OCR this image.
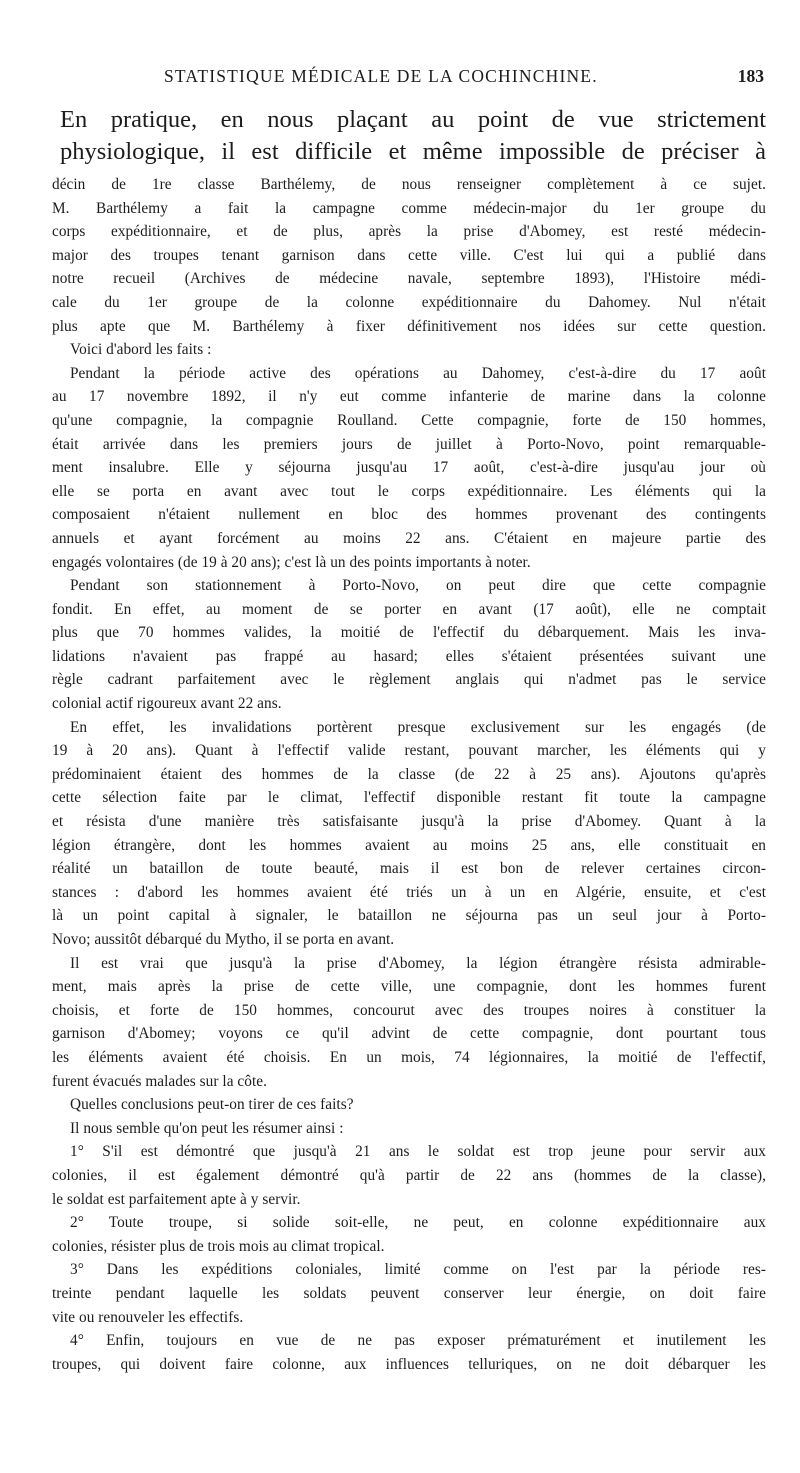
STATISTIQUE MÉDICALE DE LA COCHINCHINE.	183
En pratique, en nous plaçant au point de vue strictement
physiologique, il est difficile et même impossible de préciser à
décin de 1re classe Barthélemy, de nous renseigner complètement à ce sujet.
M. Barthélemy a fait la campagne comme médecin-major du 1er groupe du
corps expéditionnaire, et de plus, après la prise d'Abomey, est resté médecin-
major des troupes tenant garnison dans cette ville. C'est lui qui a publié dans
notre recueil (Archives de médecine navale, septembre 1893), l'Histoire médi-
cale du 1er groupe de la colonne expéditionnaire du Dahomey. Nul n'était
plus apte que M. Barthélemy à fixer définitivement nos idées sur cette question.
Voici d'abord les faits :
Pendant la période active des opérations au Dahomey, c'est-à-dire du 17 août
au 17 novembre 1892, il n'y eut comme infanterie de marine dans la colonne
qu'une compagnie, la compagnie Roulland. Cette compagnie, forte de 150 hommes,
était arrivée dans les premiers jours de juillet à Porto-Novo, point remarquable-
ment insalubre. Elle y séjourna jusqu'au 17 août, c'est-à-dire jusqu'au jour où
elle se porta en avant avec tout le corps expéditionnaire. Les éléments qui la
composaient n'étaient nullement en bloc des hommes provenant des contingents
annuels et ayant forcément au moins 22 ans. C'étaient en majeure partie des
engagés volontaires (de 19 à 20 ans); c'est là un des points importants à noter.
Pendant son stationnement à Porto-Novo, on peut dire que cette compagnie
fondit. En effet, au moment de se porter en avant (17 août), elle ne comptait
plus que 70 hommes valides, la moitié de l'effectif du débarquement. Mais les inva-
lidations n'avaient pas frappé au hasard; elles s'étaient présentées suivant une
règle cadrant parfaitement avec le règlement anglais qui n'admet pas le service
colonial actif rigoureux avant 22 ans.
En effet, les invalidations portèrent presque exclusivement sur les engagés (de
19 à 20 ans). Quant à l'effectif valide restant, pouvant marcher, les éléments qui y
prédominaient étaient des hommes de la classe (de 22 à 25 ans). Ajoutons qu'après
cette sélection faite par le climat, l'effectif disponible restant fit toute la campagne
et résista d'une manière très satisfaisante jusqu'à la prise d'Abomey. Quant à la
légion étrangère, dont les hommes avaient au moins 25 ans, elle constituait en
réalité un bataillon de toute beauté, mais il est bon de relever certaines circon-
stances : d'abord les hommes avaient été triés un à un en Algérie, ensuite, et c'est
là un point capital à signaler, le bataillon ne séjourna pas un seul jour à Porto-
Novo; aussitôt débarqué du Mytho, il se porta en avant.
Il est vrai que jusqu'à la prise d'Abomey, la légion étrangère résista admirable-
ment, mais après la prise de cette ville, une compagnie, dont les hommes furent
choisis, et forte de 150 hommes, concourut avec des troupes noires à constituer la
garnison d'Abomey; voyons ce qu'il advint de cette compagnie, dont pourtant tous
les éléments avaient été choisis. En un mois, 74 légionnaires, la moitié de l'effectif,
furent évacués malades sur la côte.
Quelles conclusions peut-on tirer de ces faits?
Il nous semble qu'on peut les résumer ainsi :
1° S'il est démontré que jusqu'à 21 ans le soldat est trop jeune pour servir aux
colonies, il est également démontré qu'à partir de 22 ans (hommes de la classe),
le soldat est parfaitement apte à y servir.
2° Toute troupe, si solide soit-elle, ne peut, en colonne expéditionnaire aux
colonies, résister plus de trois mois au climat tropical.
3° Dans les expéditions coloniales, limité comme on l'est par la période res-
treinte pendant laquelle les soldats peuvent conserver leur énergie, on doit faire
vite ou renouveler les effectifs.
4° Enfin, toujours en vue de ne pas exposer prématurément et inutilement les
troupes, qui doivent faire colonne, aux influences telluriques, on ne doit débarquer les
